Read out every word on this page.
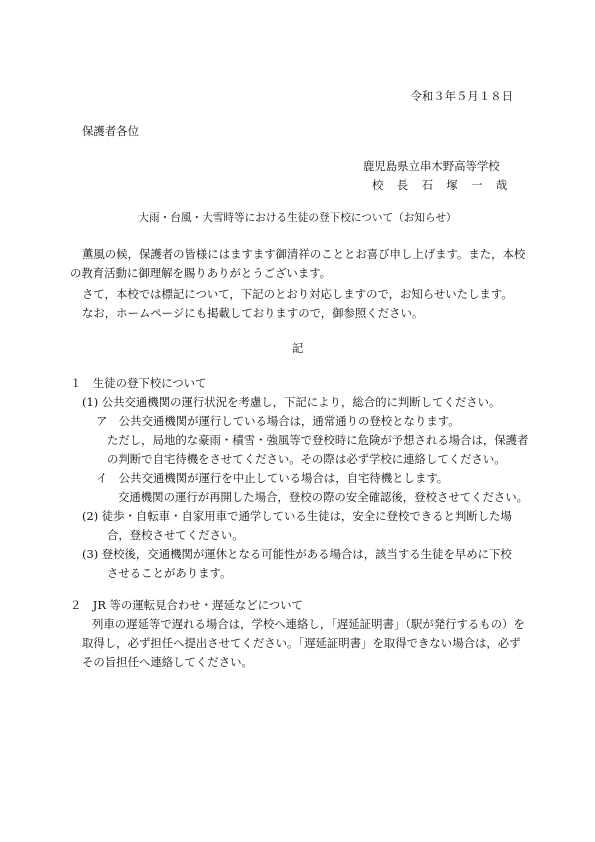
令和３年５月１８日
保護者各位
鹿児島県立串木野高等学校
校　長　石　塚　一　哉
大雨・台風・大雪時等における生徒の登下校について（お知らせ）
薫風の候，保護者の皆様にはますます御清祥のこととお喜び申し上げます。また，本校
の教育活動に御理解を賜りありがとうございます。
さて，本校では標記について，下記のとおり対応しますので，お知らせいたします。
なお，ホームページにも掲載しておりますので，御参照ください。
記
１　生徒の登下校について
(1) 公共交通機関の運行状況を考慮し，下記により，総合的に判断してください。
ア　公共交通機関が運行している場合は，通常通りの登校となります。
ただし，局地的な豪雨・積雪・強風等で登校時に危険が予想される場合は，保護者
の判断で自宅待機をさせてください。その際は必ず学校に連絡してください。
イ　公共交通機関が運行を中止している場合は，自宅待機とします。
交通機関の運行が再開した場合，登校の際の安全確認後，登校させてください。
(2) 徒歩・自転車・自家用車で通学している生徒は，安全に登校できると判断した場
合，登校させてください。
(3) 登校後，交通機関が運休となる可能性がある場合は，該当する生徒を早めに下校
させることがあります。
２　JR 等の運転見合わせ・遅延などについて
列車の遅延等で遅れる場合は，学校へ連絡し，「遅延証明書」（駅が発行するもの）を
取得し，必ず担任へ提出させてください。「遅延証明書」を取得できない場合は，必ず
その旨担任へ連絡してください。
